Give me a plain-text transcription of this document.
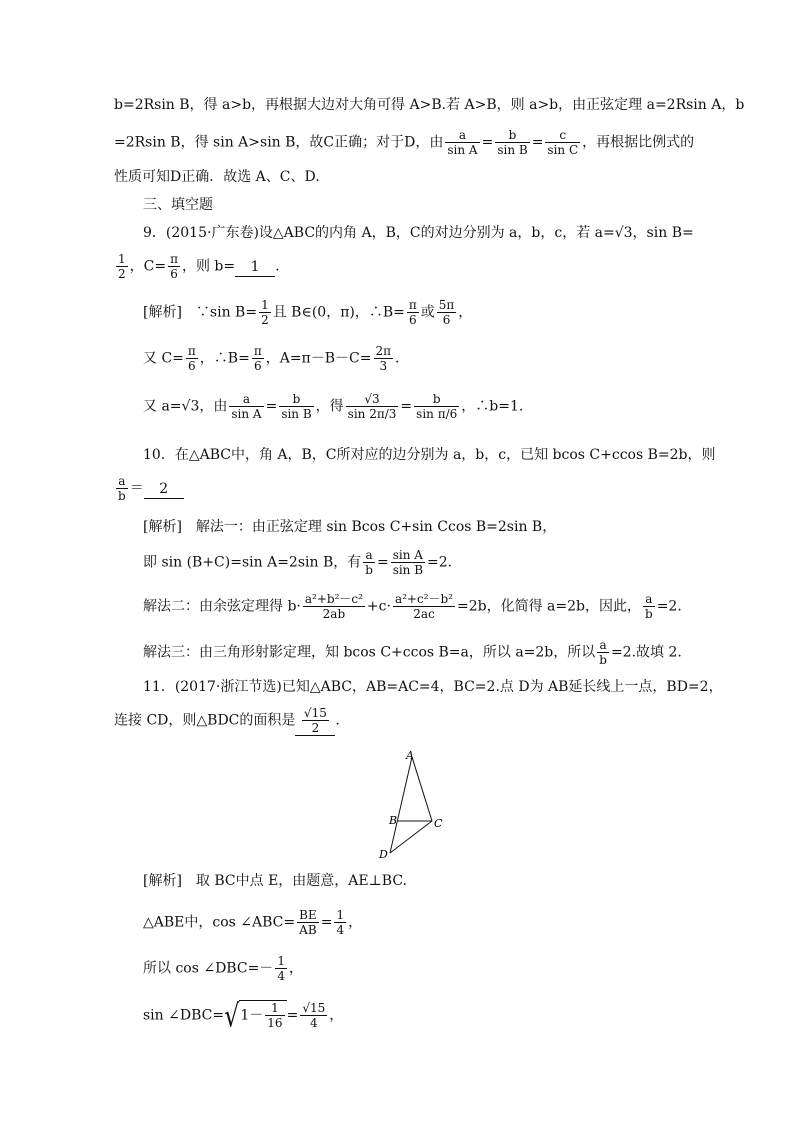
b=2Rsin B，得 a>b，再根据大边对大角可得 A>B.若 A>B，则 a>b，由正弦定理 a=2Rsin A，b
=2Rsin B，得 sin A>sin B，故C正确；对于D，由 $\frac{a}{\text{sin A}} = \frac{b}{\text{sin B}} = \frac{c}{\text{sin C}}$ ，再根据比例式的
性质可知D正确．故选 A、C、D.
三、填空题
9．(2015·广东卷)设△ABC的内角 A，B，C的对边分别为 a，b，c，若 a=√3，sin B=
$\frac{1}{2}$ ，$C= \frac{\pi}{6}$ ，则 b= 1 .
[解析]　∵sin $B= \frac{1}{2}$ 且 B∈(0，π)，∴B= $\frac{\pi}{6}$ 或 $\frac{5\pi}{6}$ ，
又 $C= \frac{\pi}{6}$ ，∴B= $\frac{\pi}{6}$ ，$A=\pi-B-C= \frac{2\pi}{3}$ .
又 a=√3，由 $\frac{a}{\text{sin A}} = \frac{b}{\text{sin B}}$ ，得 $\frac{√3}{\sin 2\pi/3} = \frac{b}{\text{sin π/6}}$ ，∴b=1.
10．在△ABC中，角 A，B，C所对应的边分别为 a，b，c，已知 bcos C+ccos B=2b，则
$\frac{a}{b} = 2$
[解析]　解法一：由正弦定理 sin Bcos C+sin Ccos B=2sin B，
即 sin (B+C)=sin A=2sin B，有 $\frac{a}{b} = \frac{\text{sin A}}{\text{sin B}} =2$.
解法二：由余弦定理得 $b\cdot \frac{\text{a²+b²－c²}}{2ab} +c\cdot \frac{\text{a²+c²－b²}}{2ac} =2b$，化简得 a=2b，因此， $\frac{a}{b} =2$.
解法三：由三角形射影定理，知 bcos C+ccos B=a，所以 a=2b，所以 $\frac{a}{b} =2$.故填 2.
11．(2017·浙江节选)已知△ABC，AB=AC=4，BC=2.点 D为 AB延长线上一点，BD=2，
连接 CD，则△BDC的面积是 $\frac{√15}{2}$ .
A
B	C
D
[解析]　取 BC中点 E，由题意，AE⊥BC.
△ABE中，cos ∠ABC= $\frac{BE}{AB} = \frac{1}{4}$ ，
所以 cos ∠DBC=－ $\frac{1}{4}$ ，
sin ∠DBC=√1－ $\frac{1}{16} = \frac{√15}{4}$ ，
